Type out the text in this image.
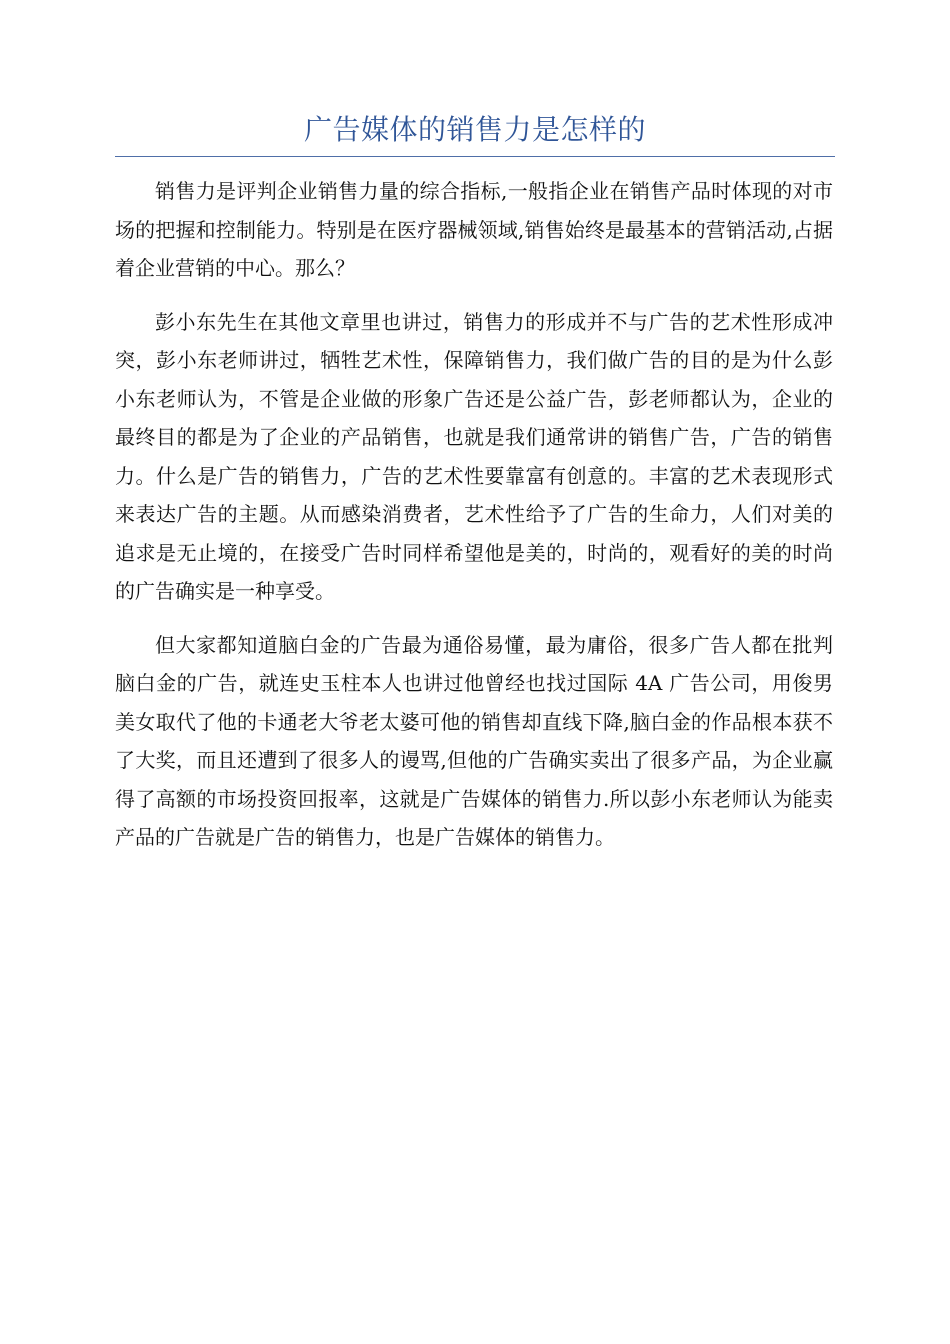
广告媒体的销售力是怎样的

销售力是评判企业销售力量的综合指标,一般指企业在销售产品时体现的对市场的把握和控制能力。特别是在医疗器械领域,销售始终是最基本的营销活动,占据着企业营销的中心。那么？

彭小东先生在其他文章里也讲过，销售力的形成并不与广告的艺术性形成冲突，彭小东老师讲过，牺牲艺术性，保障销售力，我们做广告的目的是为什么彭小东老师认为，不管是企业做的形象广告还是公益广告，彭老师都认为，企业的最终目的都是为了企业的产品销售，也就是我们通常讲的销售广告，广告的销售力。什么是广告的销售力，广告的艺术性要靠富有创意的。丰富的艺术表现形式来表达广告的主题。从而感染消费者，艺术性给予了广告的生命力，人们对美的追求是无止境的，在接受广告时同样希望他是美的，时尚的，观看好的美的时尚的广告确实是一种享受。

但大家都知道脑白金的广告最为通俗易懂，最为庸俗，很多广告人都在批判脑白金的广告，就连史玉柱本人也讲过他曾经也找过国际 4A 广告公司，用俊男美女取代了他的卡通老大爷老太婆可他的销售却直线下降,脑白金的作品根本获不了大奖，而且还遭到了很多人的谩骂,但他的广告确实卖出了很多产品，为企业赢得了高额的市场投资回报率，这就是广告媒体的销售力.所以彭小东老师认为能卖产品的广告就是广告的销售力，也是广告媒体的销售力。
